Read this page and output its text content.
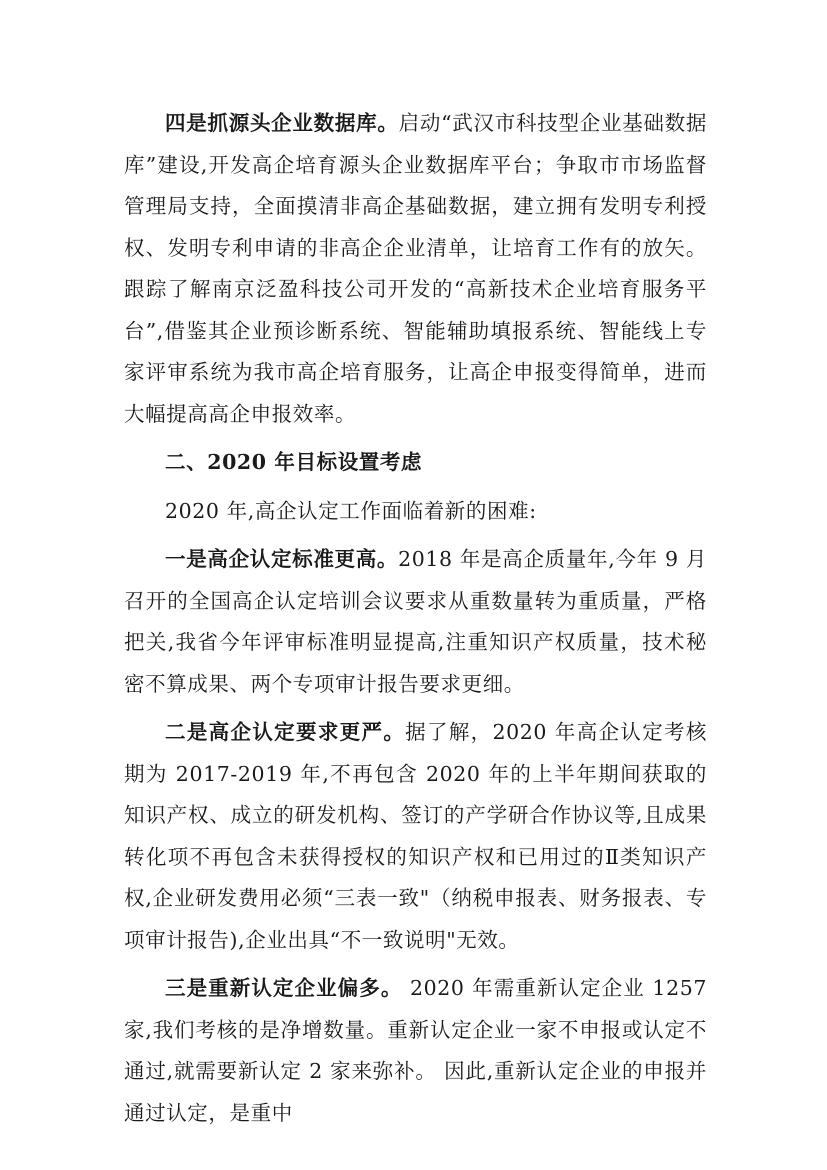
四是抓源头企业数据库。启动“武汉市科技型企业基础数据库”建设,开发高企培育源头企业数据库平台；争取市市场监督管理局支持，全面摸清非高企基础数据，建立拥有发明专利授权、发明专利申请的非高企企业清单，让培育工作有的放矢。跟踪了解南京泛盈科技公司开发的“高新技术企业培育服务平台”,借鉴其企业预诊断系统、智能辅助填报系统、智能线上专家评审系统为我市高企培育服务，让高企申报变得简单，进而大幅提高高企申报效率。

二、2020 年目标设置考虑

2020 年,高企认定工作面临着新的困难:

一是高企认定标准更高。2018 年是高企质量年,今年 9 月召开的全国高企认定培训会议要求从重数量转为重质量，严格把关,我省今年评审标准明显提高,注重知识产权质量，技术秘密不算成果、两个专项审计报告要求更细。

二是高企认定要求更严。据了解，2020 年高企认定考核期为 2017-2019 年,不再包含 2020 年的上半年期间获取的知识产权、成立的研发机构、签订的产学研合作协议等,且成果转化项不再包含未获得授权的知识产权和已用过的Ⅱ类知识产权,企业研发费用必须“三表一致"（纳税申报表、财务报表、专项审计报告),企业出具“不一致说明"无效。

三是重新认定企业偏多。 2020 年需重新认定企业 1257 家,我们考核的是净增数量。重新认定企业一家不申报或认定不通过,就需要新认定 2 家来弥补。 因此,重新认定企业的申报并通过认定，是重中
